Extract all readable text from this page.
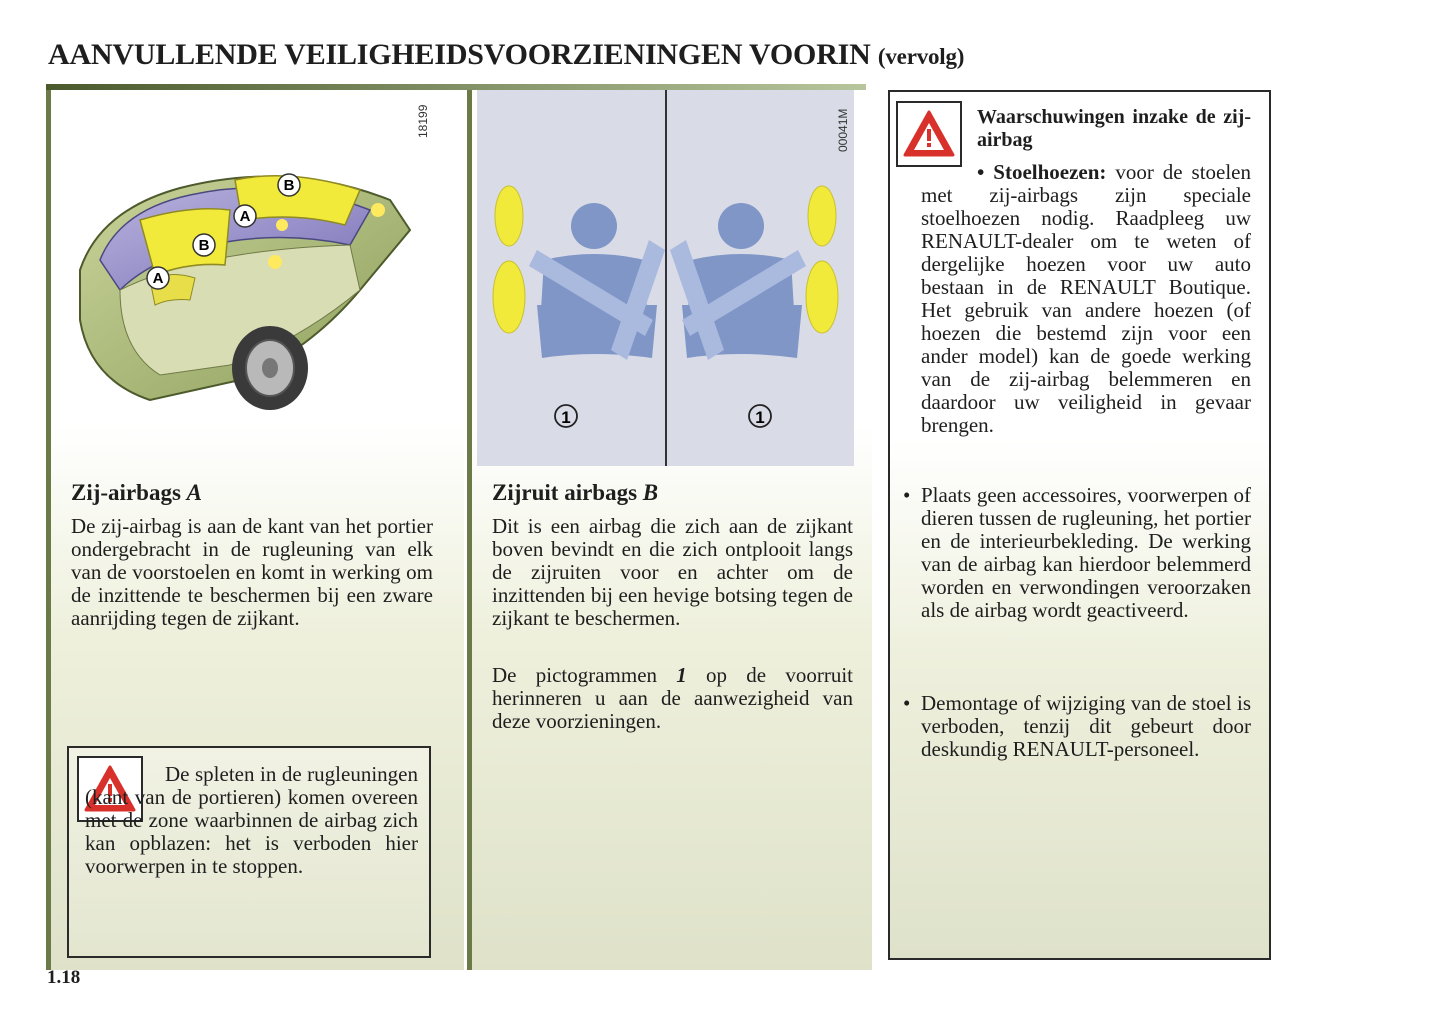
AANVULLENDE VEILIGHEIDSVOORZIENINGEN VOORIN (vervolg)
18199
A
A
B
B
1	1
00041M
Zij-airbags A
De zij-airbag is aan de kant van het portier ondergebracht in de rugleuning van elk van de voorstoelen en komt in werking om de inzittende te beschermen bij een zware aanrijding tegen de zijkant.
Zijruit airbags B
Dit is een airbag die zich aan de zijkant boven bevindt en die zich ontplooit langs de zijruiten voor en achter om de inzittenden bij een hevige botsing tegen de zijkant te beschermen.
De pictogrammen 1 op de voorruit herinneren u aan de aanwezigheid van deze voorzieningen.
De spleten in de rugleuningen (kant van de portieren) komen overeen met de zone waarbinnen de airbag zich kan opblazen: het is verboden hier voorwerpen in te stoppen.
Waarschuwingen inzake de zij-airbag
• Stoelhoezen: voor de stoelen met zij-airbags zijn speciale stoelhoezen nodig. Raadpleeg uw RENAULT-dealer om te weten of dergelijke hoezen voor uw auto bestaan in de RENAULT Boutique. Het gebruik van andere hoezen (of hoezen die bestemd zijn voor een ander model) kan de goede werking van de zij-airbag belemmeren en daardoor uw veiligheid in gevaar brengen.
• Plaats geen accessoires, voorwerpen of dieren tussen de rugleuning, het portier en de interieurbekleding. De werking van de airbag kan hierdoor belemmerd worden en verwondingen veroorzaken als de airbag wordt geactiveerd.
• Demontage of wijziging van de stoel is verboden, tenzij dit gebeurt door deskundig RENAULT-personeel.
1.18
